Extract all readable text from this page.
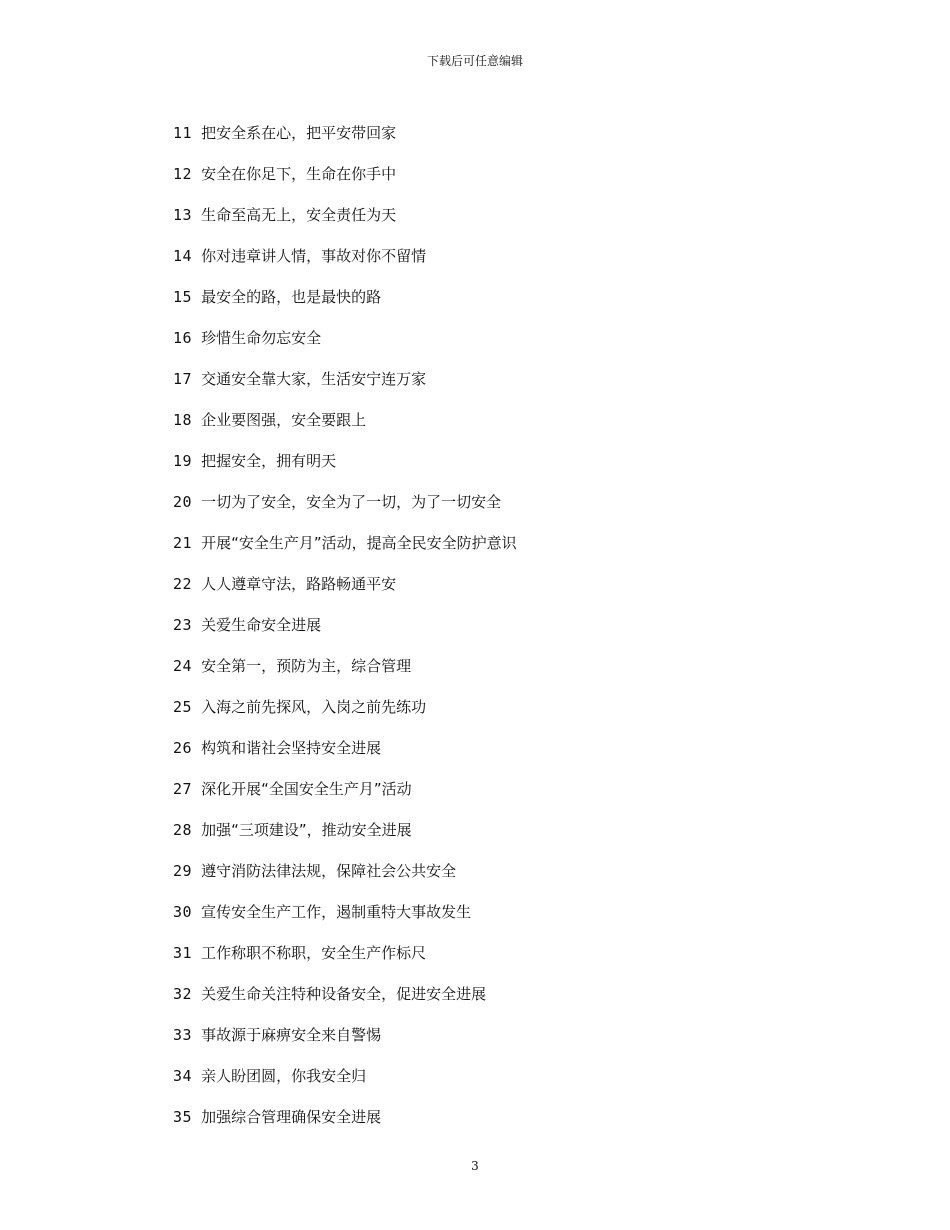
下载后可任意编辑
11 把安全系在心，把平安带回家
12 安全在你足下，生命在你手中
13 生命至高无上，安全责任为天
14 你对违章讲人情，事故对你不留情
15 最安全的路，也是最快的路
16 珍惜生命勿忘安全
17 交通安全靠大家，生活安宁连万家
18 企业要图强，安全要跟上
19 把握安全，拥有明天
20 一切为了安全，安全为了一切，为了一切安全
21 开展“安全生产月”活动，提高全民安全防护意识
22 人人遵章守法，路路畅通平安
23 关爱生命安全进展
24 安全第一，预防为主，综合管理
25 入海之前先探风，入岗之前先练功
26 构筑和谐社会坚持安全进展
27 深化开展“全国安全生产月”活动
28 加强“三项建设”，推动安全进展
29 遵守消防法律法规，保障社会公共安全
30 宣传安全生产工作，遏制重特大事故发生
31 工作称职不称职，安全生产作标尺
32 关爱生命关注特种设备安全，促进安全进展
33 事故源于麻痹安全来自警惕
34 亲人盼团圆，你我安全归
35 加强综合管理确保安全进展
3
